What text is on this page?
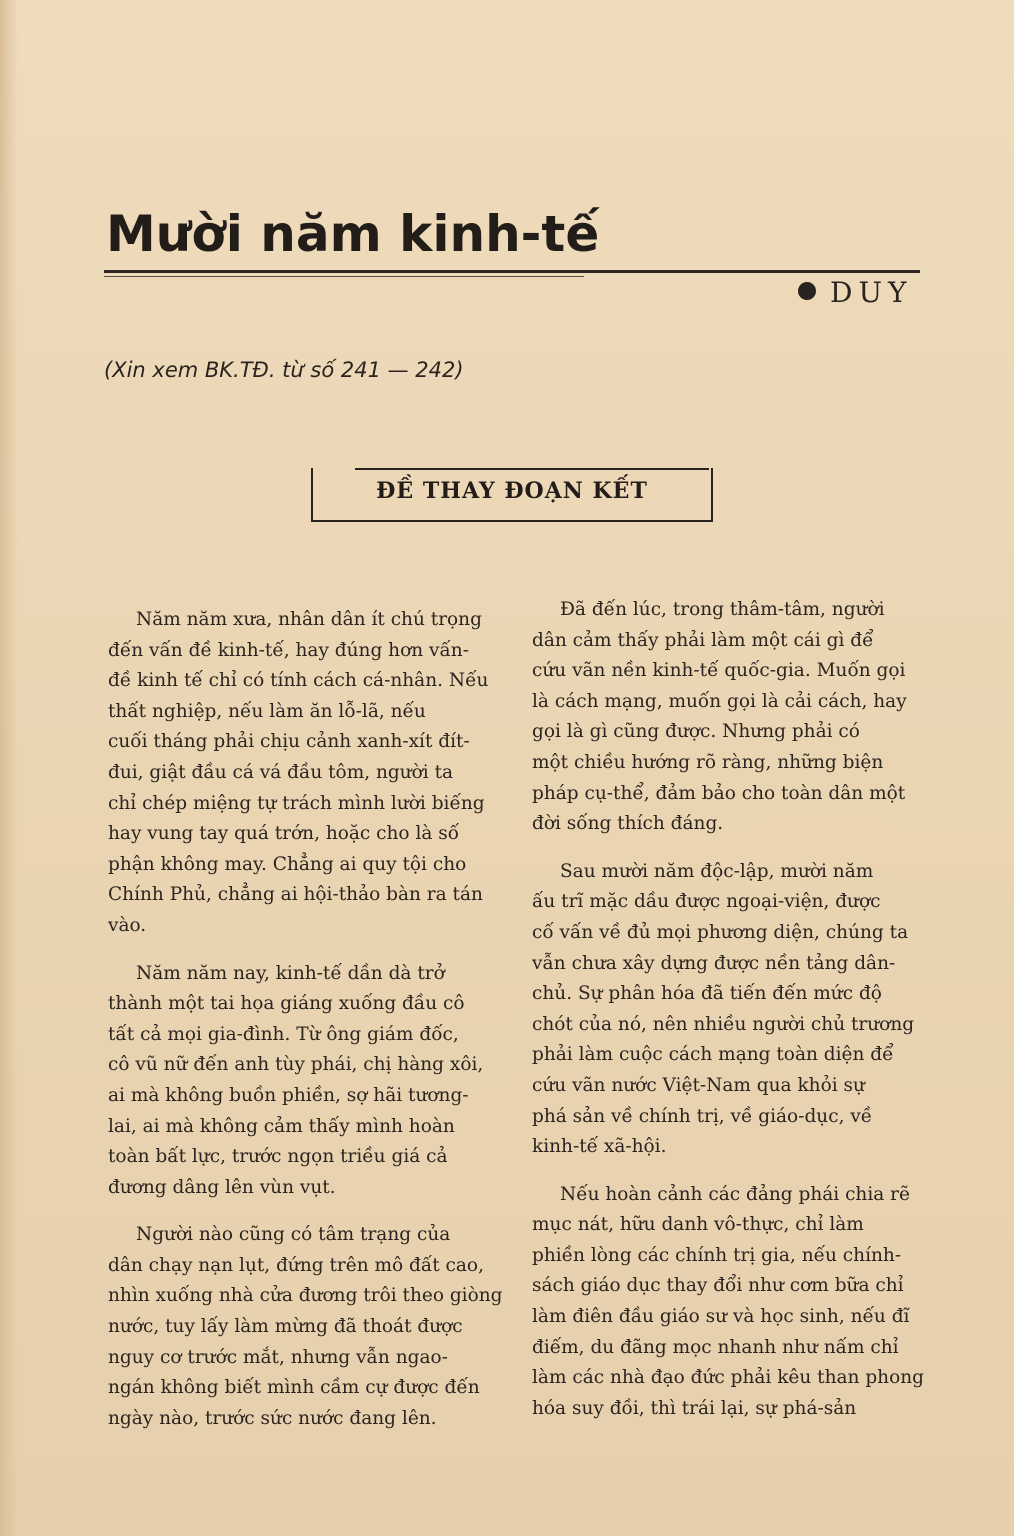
Mười năm kinh-tế
DUY
(Xin xem BK.TĐ. từ số 241 — 242)
ĐỀ THAY ĐOẠN KẾT
Năm năm xưa, nhân dân ít chú trọng
đến vấn đề kinh-tế, hay đúng hơn vấn-
đề kinh tế chỉ có tính cách cá-nhân. Nếu
thất nghiệp, nếu làm ăn lỗ-lã, nếu
cuối tháng phải chịu cảnh xanh-xít đít-
đui, giật đầu cá vá đầu tôm, người ta
chỉ chép miệng tự trách mình lười biếng
hay vung tay quá trớn, hoặc cho là số
phận không may. Chẳng ai quy tội cho
Chính Phủ, chẳng ai hội-thảo bàn ra tán
vào.
Năm năm nay, kinh-tế dần dà trở
thành một tai họa giáng xuống đầu cô
tất cả mọi gia-đình. Từ ông giám đốc,
cô vũ nữ đến anh tùy phái, chị hàng xôi,
ai mà không buồn phiền, sợ hãi tương-
lai, ai mà không cảm thấy mình hoàn
toàn bất lực, trước ngọn triều giá cả
đương dâng lên vùn vụt.
Người nào cũng có tâm trạng của
dân chạy nạn lụt, đứng trên mô đất cao,
nhìn xuống nhà cửa đương trôi theo giòng
nước, tuy lấy làm mừng đã thoát được
nguy cơ trước mắt, nhưng vẫn ngao-
ngán không biết mình cầm cự được đến
ngày nào, trước sức nước đang lên.
Đã đến lúc, trong thâm-tâm, người
dân cảm thấy phải làm một cái gì để
cứu vãn nền kinh-tế quốc-gia. Muốn gọi
là cách mạng, muốn gọi là cải cách, hay
gọi là gì cũng được. Nhưng phải có
một chiều hướng rõ ràng, những biện
pháp cụ-thể, đảm bảo cho toàn dân một
đời sống thích đáng.
Sau mười năm độc-lập, mười năm
ấu trĩ mặc dầu được ngoại-viện, được
cố vấn về đủ mọi phương diện, chúng ta
vẫn chưa xây dựng được nền tảng dân-
chủ. Sự phân hóa đã tiến đến mức độ
chót của nó, nên nhiều người chủ trương
phải làm cuộc cách mạng toàn diện để
cứu vãn nước Việt-Nam qua khỏi sự
phá sản về chính trị, về giáo-dục, về
kinh-tế xã-hội.
Nếu hoàn cảnh các đảng phái chia rẽ
mục nát, hữu danh vô-thực, chỉ làm
phiền lòng các chính trị gia, nếu chính-
sách giáo dục thay đổi như cơm bữa chỉ
làm điên đầu giáo sư và học sinh, nếu đĩ
điếm, du đãng mọc nhanh như nấm chỉ
làm các nhà đạo đức phải kêu than phong
hóa suy đồi, thì trái lại, sự phá-sản
